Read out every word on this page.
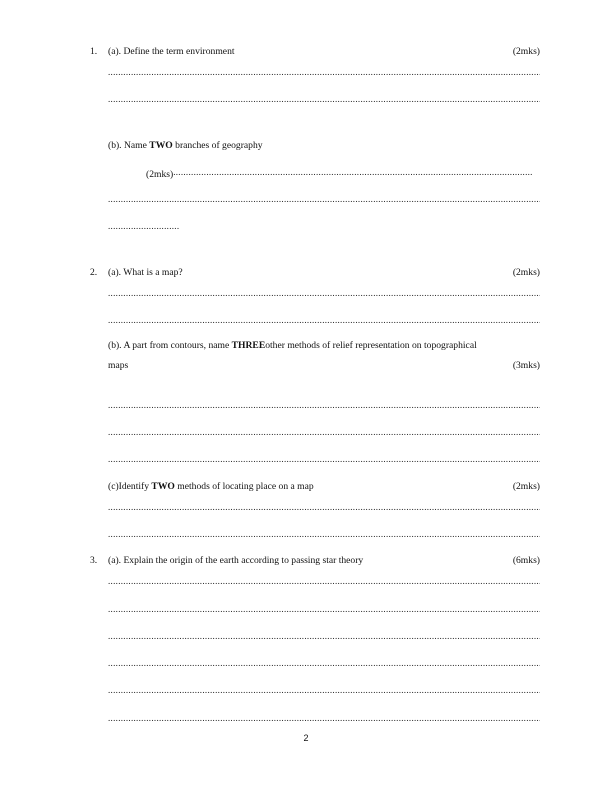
1. (a). Define the term environment	(2mks)
.....
.....
(b). Name TWO branches of geography
(2mks).....
.....
.....
2. (a). What is a map?	(2mks)
.....
.....
(b). A part from contours, name THREEother methods of relief representation on topographical
maps	(3mks)
.....
.....
.....
(c)Identify TWO methods of locating place on a map	(2mks)
.....
.....
3. (a). Explain the origin of the earth according to passing star theory	(6mks)
.....
.....
.....
.....
.....
.....
2
